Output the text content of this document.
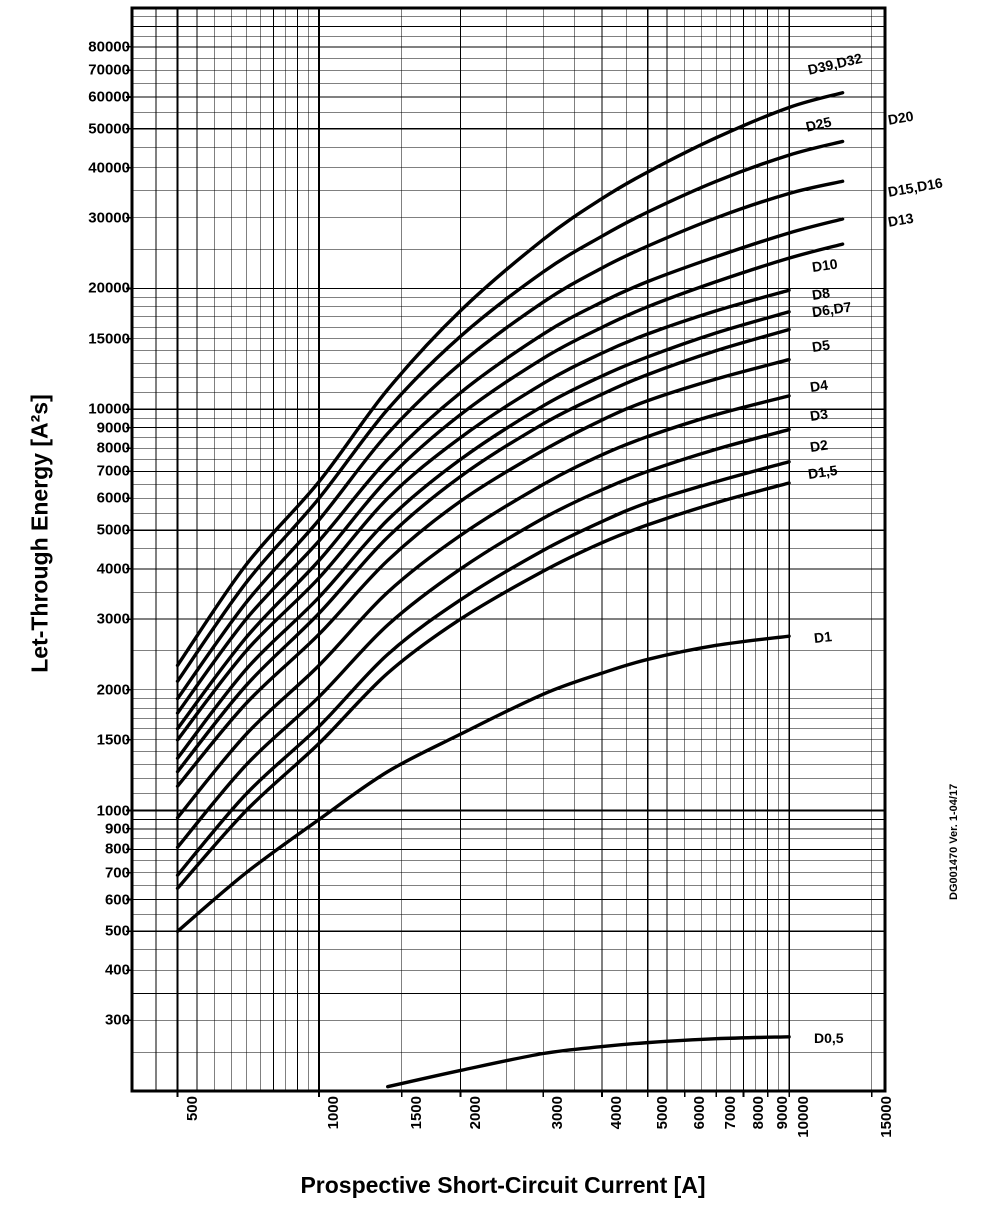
300
400
500
600
700
800
900
1000
1500
2000
3000
4000
5000
6000
7000
8000
9000
10000
15000
20000
30000
40000
50000
60000
70000
80000
500	1000	1500	2000	3000	4000 5000 6000 7000 8000 9000 10000	15000
D39,D32
D25	D20
D15,D16
D13
D10
D8
D6,D7
D5
D4
D3
D2
D1,5
D1
D0,5
Let-Through Energy [A²s]
Prospective Short-Circuit Current [A]
DG001470 Ver. 1-04/17
